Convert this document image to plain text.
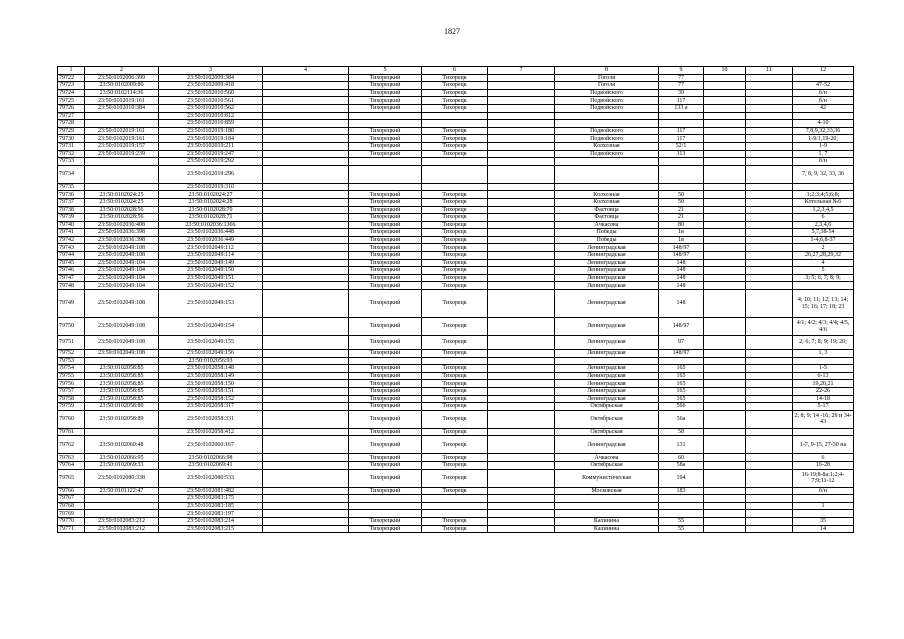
1827
1	2	3	4	5	6	7	8	9	10	11	12
79722	23:50:0102006:399	23:50:0102009:384		Тихорецкий	Тихорецк		Гоголя	77			
79723	23:50:0102009:80	23:50:0102009:418		Тихорецкий	Тихорецк		Гоголя	77			47-52
79724	23:50:0102114:36	23:50:0102010:560		Тихорецкий	Тихорецк		Подвойского	39			б/н
79725	23:50:0102019:161	23:50:0102010:561		Тихорецкий	Тихорецк		Подвойского	117			б/н
79726	23:50:0102010:384	23:50:0102010:562		Тихорецкий	Тихорецк		Подвойского	133 а			42
79727		23:50:0102010:812									
79728		23:50:0102010:859									4-10
79729	23:50:0102019:161	23:50:0102019:180		Тихорецкий	Тихорецк		Подвойского	117			7,8,9,32,33,36
79730	23:50:0102019:161	23:50:0102019:184		Тихорецкий	Тихорецк		Подвойского	117			1-9/1,19-20,
79731	23:50:0102019:157	23:50:0102019:211		Тихорецкий	Тихорецк		Колхозная	52/1			1-9
79732	23:50:0102019:239	23:50:0102019:247		Тихорецкий	Тихорецк		Подвойского	113			1, 7
79733		23:50:0102019:292									б/н
79734		23:50:0102019:296									7, 8, 9, 32, 33, 36
79735		23:50:0102019:310									
79736	23:50:0102024:25	23:50:0102024:27		Тихорецкий	Тихорецк		Колхозная	50			1;2;3;4;5;6;8;
79737	23:50:0102024:25	23:50:0102024:28		Тихорецкий	Тихорецк		Колхозная	50			Котельная №6
79738	23:50:0102028:56	23:50:0102028:70		Тихорецкий	Тихорецк		Фастовца	21			1,2,3,4,5
79739	23:50:0102028:56	23:50:0102028:71		Тихорецкий	Тихорецк		Фастовца	21			6
79740	23:50:0102036:408	23:50:0102036:1366		Тихорецкий	Тихорецк		Ачкасова	80			2,3,4,6
79741	23:50:0102036:398	23:50:0102036:448		Тихорецкий	Тихорецк		Победы	1в			5,7,38-54
79742	23:50:0102036:398	23:50:0102036:449		Тихорецкий	Тихорецк		Победы	1в			1-4,6,8-37
79743	23:50:0102049:108	23:50:0102049:112		Тихорецкий	Тихорецк		Ленинградская	148/97			2
79744	23:50:0102049:108	23:50:0102049:114		Тихорецкий	Тихорецк		Ленинградская	148/97			26,27,28,29,32
79745	23:50:0102049:104	23:50:0102049:149		Тихорецкий	Тихорецк		Ленинградская	148			4
79746	23:50:0102049:104	23:50:0102049:150		Тихорецкий	Тихорецк		Ленинградская	148			5
79747	23:50:0102049:104	23:50:0102049:151		Тихорецкий	Тихорецк		Ленинградская	148			3; 5; 6; 7; 8; 9;
79748	23:50:0102049:104	23:50:0102049:152		Тихорецкий	Тихорецк		Ленинградская	148			
79749	23:50:0102049:108	23:50:0102049:153		Тихорецкий	Тихорецк		Ленинградская	148			4; 10; 11; 12; 13; 14; 15; 16; 17; 18; 23
79750	23:50:0102049:108	23:50:0102049:154		Тихорецкий	Тихорецк		Ленинградская	148/97			4/1; 4/2; 4/3; 4/4; 4/5, 4/6
79751	23:50:0102049:108	23:50:0102049:155		Тихорецкий	Тихорецк		Ленинградская	97			2; 6; 7; 8; 9; 19; 20;
79752	23:50:0102049:108	23:50:0102049:156		Тихорецкий	Тихорецк		Ленинградская	148/97			1, 3
79753		23:50:0102056:93									
79754	23:50:0102058:85	23:50:0102058:148		Тихорецкий	Тихорецк		Ленинградская	165			1-5
79755	23:50:0102058:85	23:50:0102058:149		Тихорецкий	Тихорецк		Ленинградская	165			6-13
79756	23:50:0102058:85	23:50:0102058:150		Тихорецкий	Тихорецк		Ленинградская	165			19,20,21
79757	23:50:0102058:85	23:50:0102058:151		Тихорецкий	Тихорецк		Ленинградская	165			22-26
79758	23:50:0102058:85	23:50:0102058:152		Тихорецкий	Тихорецк		Ленинградская	165			14-18
79759	23:50:0102058:80	23:50:0102058:317		Тихорецкий	Тихорецк		Октябрьская	56б			5-17
79760	23:50:0102058:89	23:50:0102058:331		Тихорецкий	Тихорецк		Октябрьская	56а			2; 8; 9; 14 -16; 29 и 34-43
79761		23:50:0102058:412		Тихорецкий	Тихорецк		Октябрьская	58			
79762	23:50:0102060:48	23:50:0102060:167		Тихорецкий	Тихорецк		Ленинградская	131			1-7, 9-15, 27-30 на
79763	23:50:0102066:95	23:50:0102066:98		Тихорецкий	Тихорецк		Ачкасова	60			6
79764	23:50:0102069:33	23:50:0102069:41		Тихорецкий	Тихорецк		Октябрьская	58а			16-28
79765	23:50:0102080:338	23:50:0102080:533		Тихорецкий	Тихорецк		Коммунистическая	194			16-19;8-8а;1;2;4-7;9;11-12
79766	23:50:0101122:47	23:50:0102081:482		Тихорецкий	Тихорецк		Московская	183			б/н
79767		23:50:0102083:175									
79768		23:50:0102083:185									1
79769		23:50:0102083:197									
79770	23:50:0102083:212	23:50:0102083:214		Тихорецкий	Тихорецк		Калинина	55			35
79771	23:50:0102083:212	23:50:0102083:215		Тихорецкий	Тихорецк		Калинина	55			14
